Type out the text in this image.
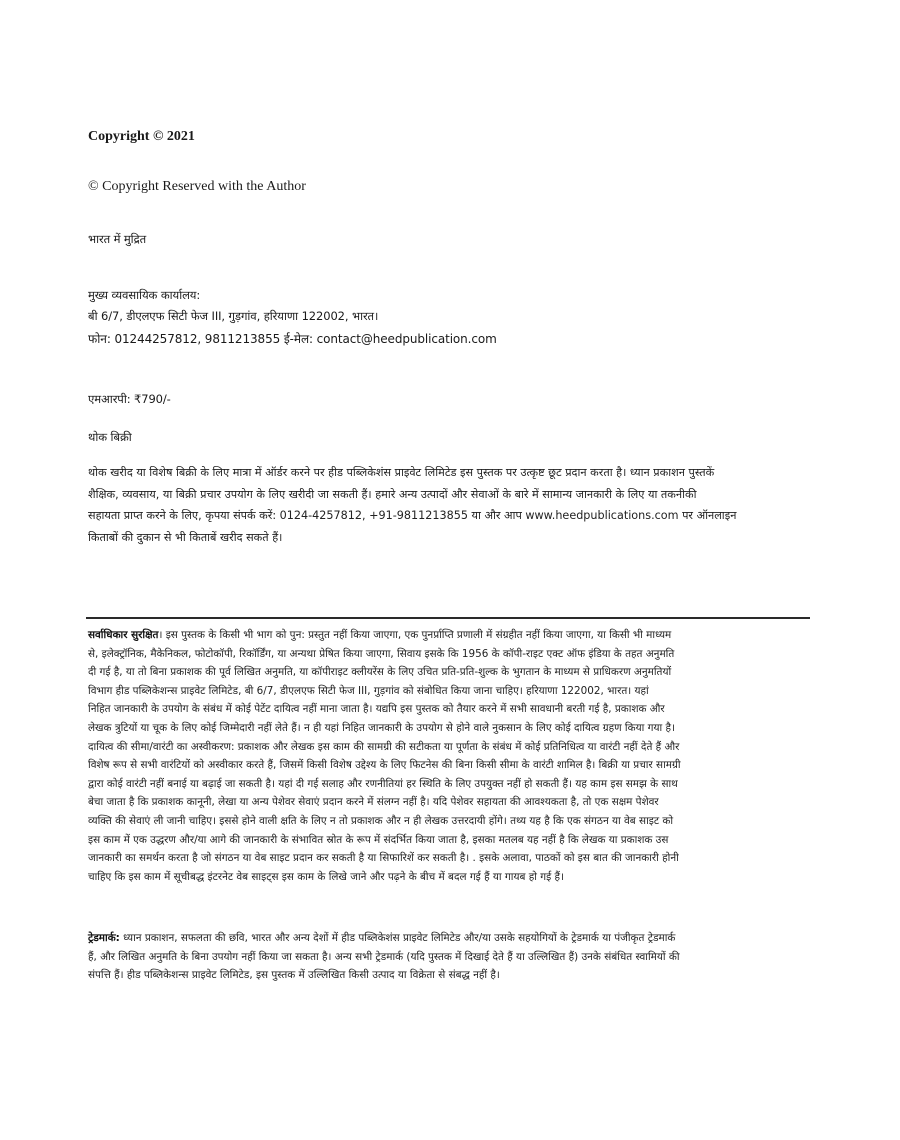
Copyright © 2021
© Copyright Reserved with the Author
भारत में मुद्रित
मुख्य व्यवसायिक कार्यालय:
बी 6/7, डीएलएफ सिटी फेज III, गुड़गांव, हरियाणा 122002, भारत।
फोन: 01244257812, 9811213855 ई-मेल: contact@heedpublication.com
एमआरपी: ₹790/-
थोक बिक्री
थोक खरीद या विशेष बिक्री के लिए मात्रा में ऑर्डर करने पर हीड पब्लिकेशंस प्राइवेट लिमिटेड इस पुस्तक पर उत्कृष्ट छूट प्रदान करता है। ध्यान प्रकाशन पुस्तकें
शैक्षिक, व्यवसाय, या बिक्री प्रचार उपयोग के लिए खरीदी जा सकती हैं। हमारे अन्य उत्पादों और सेवाओं के बारे में सामान्य जानकारी के लिए या तकनीकी
सहायता प्राप्त करने के लिए, कृपया संपर्क करें: 0124-4257812, +91-9811213855 या और आप www.heedpublications.com पर ऑनलाइन
किताबों की दुकान से भी किताबें खरीद सकते हैं।
सर्वाधिकार सुरक्षित। इस पुस्तक के किसी भी भाग को पुन: प्रस्तुत नहीं किया जाएगा, एक पुनर्प्राप्ति प्रणाली में संग्रहीत नहीं किया जाएगा, या किसी भी माध्यम
से, इलेक्ट्रॉनिक, मैकेनिकल, फोटोकॉपी, रिकॉर्डिंग, या अन्यथा प्रेषित किया जाएगा, सिवाय इसके कि 1956 के कॉपी-राइट एक्ट ऑफ इंडिया के तहत अनुमति
दी गई है, या तो बिना प्रकाशक की पूर्व लिखित अनुमति, या कॉपीराइट क्लीयरेंस के लिए उचित प्रति-प्रति-शुल्क के भुगतान के माध्यम से प्राधिकरण अनुमतियों
विभाग हीड पब्लिकेशन्स प्राइवेट लिमिटेड, बी 6/7, डीएलएफ सिटी फेज III, गुड़गांव को संबोधित किया जाना चाहिए। हरियाणा 122002, भारत। यहां
निहित जानकारी के उपयोग के संबंध में कोई पेटेंट दायित्व नहीं माना जाता है। यद्यपि इस पुस्तक को तैयार करने में सभी सावधानी बरती गई है, प्रकाशक और
लेखक त्रुटियों या चूक के लिए कोई जिम्मेदारी नहीं लेते हैं। न ही यहां निहित जानकारी के उपयोग से होने वाले नुकसान के लिए कोई दायित्व ग्रहण किया गया है।
दायित्व की सीमा/वारंटी का अस्वीकरण: प्रकाशक और लेखक इस काम की सामग्री की सटीकता या पूर्णता के संबंध में कोई प्रतिनिधित्व या वारंटी नहीं देते हैं और
विशेष रूप से सभी वारंटियों को अस्वीकार करते हैं, जिसमें किसी विशेष उद्देश्य के लिए फिटनेस की बिना किसी सीमा के वारंटी शामिल है। बिक्री या प्रचार सामग्री
द्वारा कोई वारंटी नहीं बनाई या बढ़ाई जा सकती है। यहां दी गई सलाह और रणनीतियां हर स्थिति के लिए उपयुक्त नहीं हो सकती हैं। यह काम इस समझ के साथ
बेचा जाता है कि प्रकाशक कानूनी, लेखा या अन्य पेशेवर सेवाएं प्रदान करने में संलग्न नहीं है। यदि पेशेवर सहायता की आवश्यकता है, तो एक सक्षम पेशेवर
व्यक्ति की सेवाएं ली जानी चाहिए। इससे होने वाली क्षति के लिए न तो प्रकाशक और न ही लेखक उत्तरदायी होंगे। तथ्य यह है कि एक संगठन या वेब साइट को
इस काम में एक उद्धरण और/या आगे की जानकारी के संभावित स्रोत के रूप में संदर्भित किया जाता है, इसका मतलब यह नहीं है कि लेखक या प्रकाशक उस
जानकारी का समर्थन करता है जो संगठन या वेब साइट प्रदान कर सकती है या सिफारिशें कर सकती है। . इसके अलावा, पाठकों को इस बात की जानकारी होनी
चाहिए कि इस काम में सूचीबद्ध इंटरनेट वेब साइट्स इस काम के लिखे जाने और पढ़ने के बीच में बदल गई हैं या गायब हो गई हैं।
ट्रेडमार्क: ध्यान प्रकाशन, सफलता की छवि, भारत और अन्य देशों में हीड पब्लिकेशंस प्राइवेट लिमिटेड और/या उसके सहयोगियों के ट्रेडमार्क या पंजीकृत ट्रेडमार्क
हैं, और लिखित अनुमति के बिना उपयोग नहीं किया जा सकता है। अन्य सभी ट्रेडमार्क (यदि पुस्तक में दिखाई देते हैं या उल्लिखित हैं) उनके संबंधित स्वामियों की
संपत्ति हैं। हीड पब्लिकेशन्स प्राइवेट लिमिटेड, इस पुस्तक में उल्लिखित किसी उत्पाद या विक्रेता से संबद्ध नहीं है।
